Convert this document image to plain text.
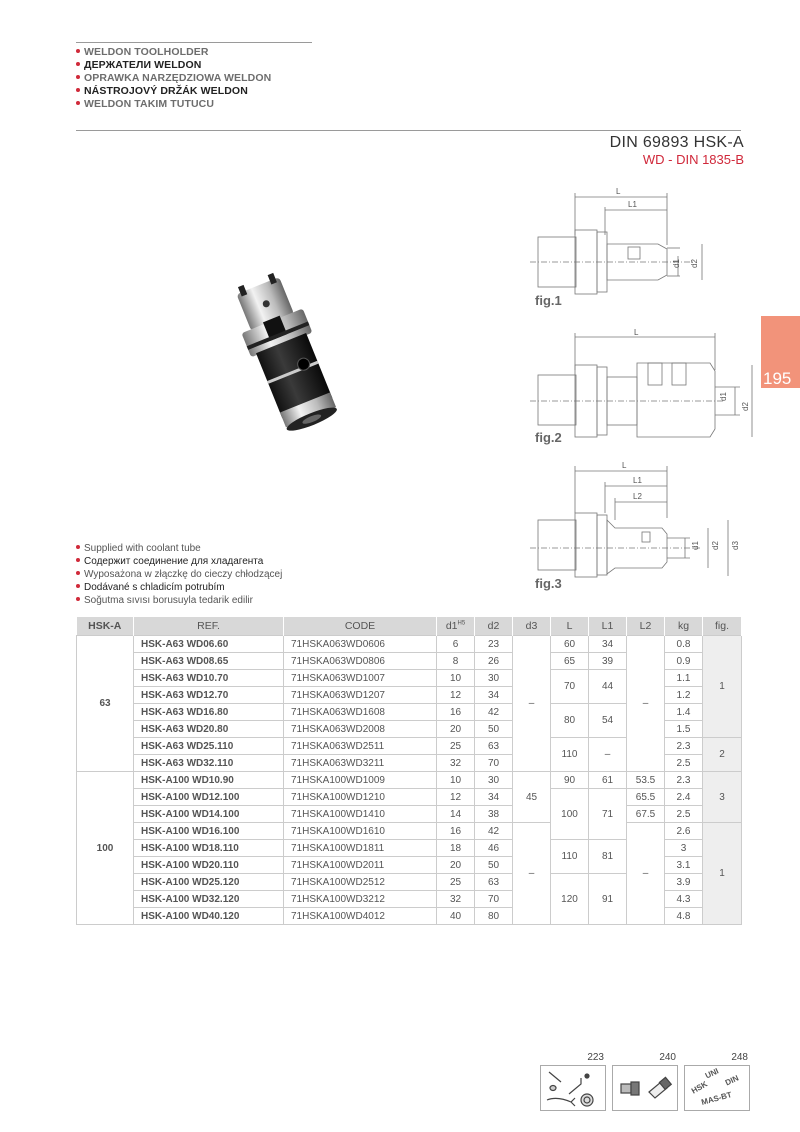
WELDON TOOLHOLDER
ДЕРЖАТЕЛИ WELDON
OPRAWKA NARZĘDZIOWA WELDON
NÁSTROJOVÝ DRŽÁK WELDON
WELDON TAKIM TUTUCU
DIN 69893 HSK-A
WD - DIN 1835-B
195
L
L1
d1 d2
fig.1
L
d1
d2
fig.2
L
L1
L2
d1 d2 d3
fig.3
Supplied with coolant tube
Содержит соединение для хладагента
Wyposażona w złączkę do cieczy chłodzącej
Dodávané s chladicím potrubím
Soğutma sıvısı borusuyla tedarik edilir
HSK-A	REF.	CODE	$d1^{H5}$	d2	d3	L	L1	L2	kg	fig.
63	HSK-A63 WD06.60	71HSKA063WD0606	6	23	–	60	34	–	0.8	1
	HSK-A63 WD08.65	71HSKA063WD0806	8	26		65	39		0.9	
	HSK-A63 WD10.70	71HSKA063WD1007	10	30		70	44		1.1	
	HSK-A63 WD12.70	71HSKA063WD1207	12	34					1.2	
	HSK-A63 WD16.80	71HSKA063WD1608	16	42		80	54		1.4	
	HSK-A63 WD20.80	71HSKA063WD2008	20	50					1.5	
	HSK-A63 WD25.110	71HSKA063WD2511	25	63		110	–		2.3	2
	HSK-A63 WD32.110	71HSKA063WD3211	32	70					2.5	
100	HSK-A100 WD10.90	71HSKA100WD1009	10	30	45	90	61	53.5	2.3	3
	HSK-A100 WD12.100	71HSKA100WD1210	12	34		100	71	65.5	2.4	
	HSK-A100 WD14.100	71HSKA100WD1410	14	38				67.5	2.5	
	HSK-A100 WD16.100	71HSKA100WD1610	16	42	–			–	2.6	1
	HSK-A100 WD18.110	71HSKA100WD1811	18	46		110	81		3	
	HSK-A100 WD20.110	71HSKA100WD2011	20	50					3.1	
	HSK-A100 WD25.120	71HSKA100WD2512	25	63		120	91		3.9	
	HSK-A100 WD32.120	71HSKA100WD3212	32	70					4.3	
	HSK-A100 WD40.120	71HSKA100WD4012	40	80					4.8	
223	240	248
UNI
DIN
HSK
MAS-BT
